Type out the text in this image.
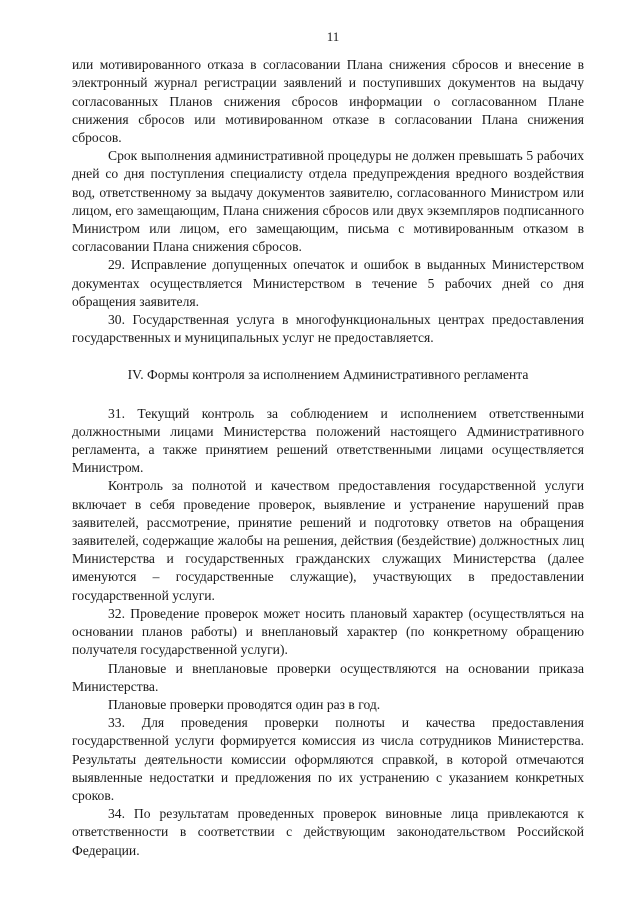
11

или мотивированного отказа в согласовании Плана снижения сбросов и внесение в электронный журнал регистрации заявлений и поступивших документов на выдачу согласованных Планов снижения сбросов информации о согласованном Плане снижения сбросов или мотивированном отказе в согласовании Плана снижения сбросов.

Срок выполнения административной процедуры не должен превышать 5 рабочих дней со дня поступления специалисту отдела предупреждения вредного воздействия вод, ответственному за выдачу документов заявителю, согласованного Министром или лицом, его замещающим, Плана снижения сбросов или двух экземпляров подписанного Министром или лицом, его замещающим, письма с мотивированным отказом в согласовании Плана снижения сбросов.

29. Исправление допущенных опечаток и ошибок в выданных Министерством документах осуществляется Министерством в течение 5 рабочих дней со дня обращения заявителя.

30. Государственная услуга в многофункциональных центрах предоставления государственных и муниципальных услуг не предоставляется.

IV. Формы контроля за исполнением Административного регламента

31. Текущий контроль за соблюдением и исполнением ответственными должностными лицами Министерства положений настоящего Административного регламента, а также принятием решений ответственными лицами осуществляется Министром.

Контроль за полнотой и качеством предоставления государственной услуги включает в себя проведение проверок, выявление и устранение нарушений прав заявителей, рассмотрение, принятие решений и подготовку ответов на обращения заявителей, содержащие жалобы на решения, действия (бездействие) должностных лиц Министерства и государственных гражданских служащих Министерства (далее именуются – государственные служащие), участвующих в предоставлении государственной услуги.

32. Проведение проверок может носить плановый характер (осуществляться на основании планов работы) и внеплановый характер (по конкретному обращению получателя государственной услуги).

Плановые и внеплановые проверки осуществляются на основании приказа Министерства.

Плановые проверки проводятся один раз в год.

33. Для проведения проверки полноты и качества предоставления государственной услуги формируется комиссия из числа сотрудников Министерства. Результаты деятельности комиссии оформляются справкой, в которой отмечаются выявленные недостатки и предложения по их устранению с указанием конкретных сроков.

34. По результатам проведенных проверок виновные лица привлекаются к ответственности в соответствии с действующим законодательством Российской Федерации.
